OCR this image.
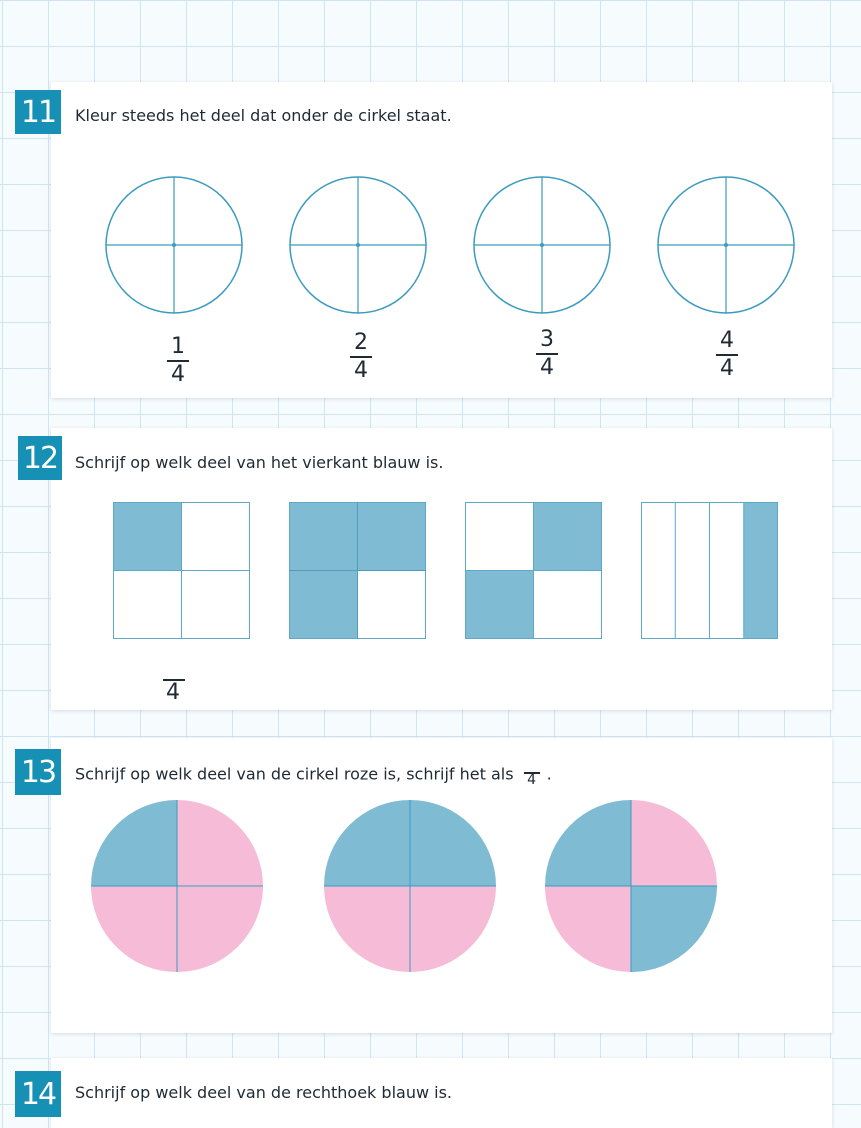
11	Kleur steeds het deel dat onder de cirkel staat.
1
4
2
4
3
4
4
4
12	Schrijf op welk deel van het vierkant blauw is.
4
13	Schrijf op welk deel van de cirkel roze is, schrijf het als 4 .
14	Schrijf op welk deel van de rechthoek blauw is.
